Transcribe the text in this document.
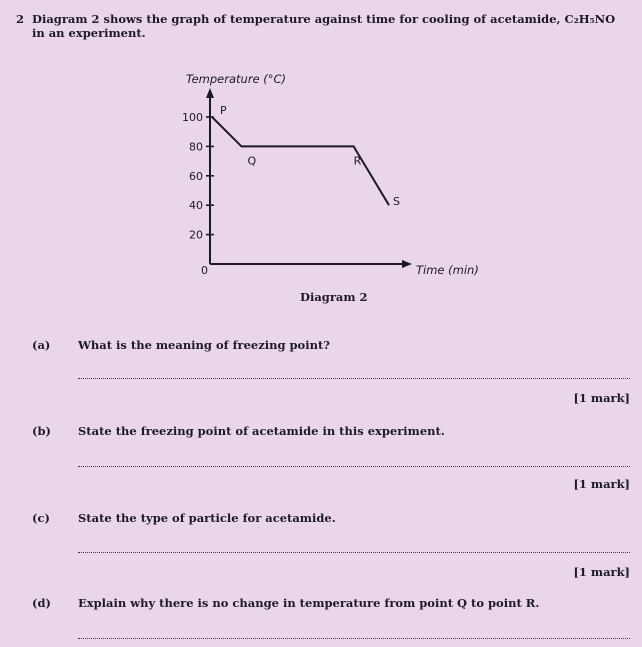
2 Diagram 2 shows the graph of temperature against time for cooling of acetamide, C₂H₅NO in an experiment.
Temperature (°C)
Time (min)
0
20
40
60
80
100
P
Q	R
S
Diagram 2
(a) What is the meaning of freezing point?
[1 mark]
(b) State the freezing point of acetamide in this experiment.
[1 mark]
(c) State the type of particle for acetamide.
[1 mark]
(d) Explain why there is no change in temperature from point Q to point R.
